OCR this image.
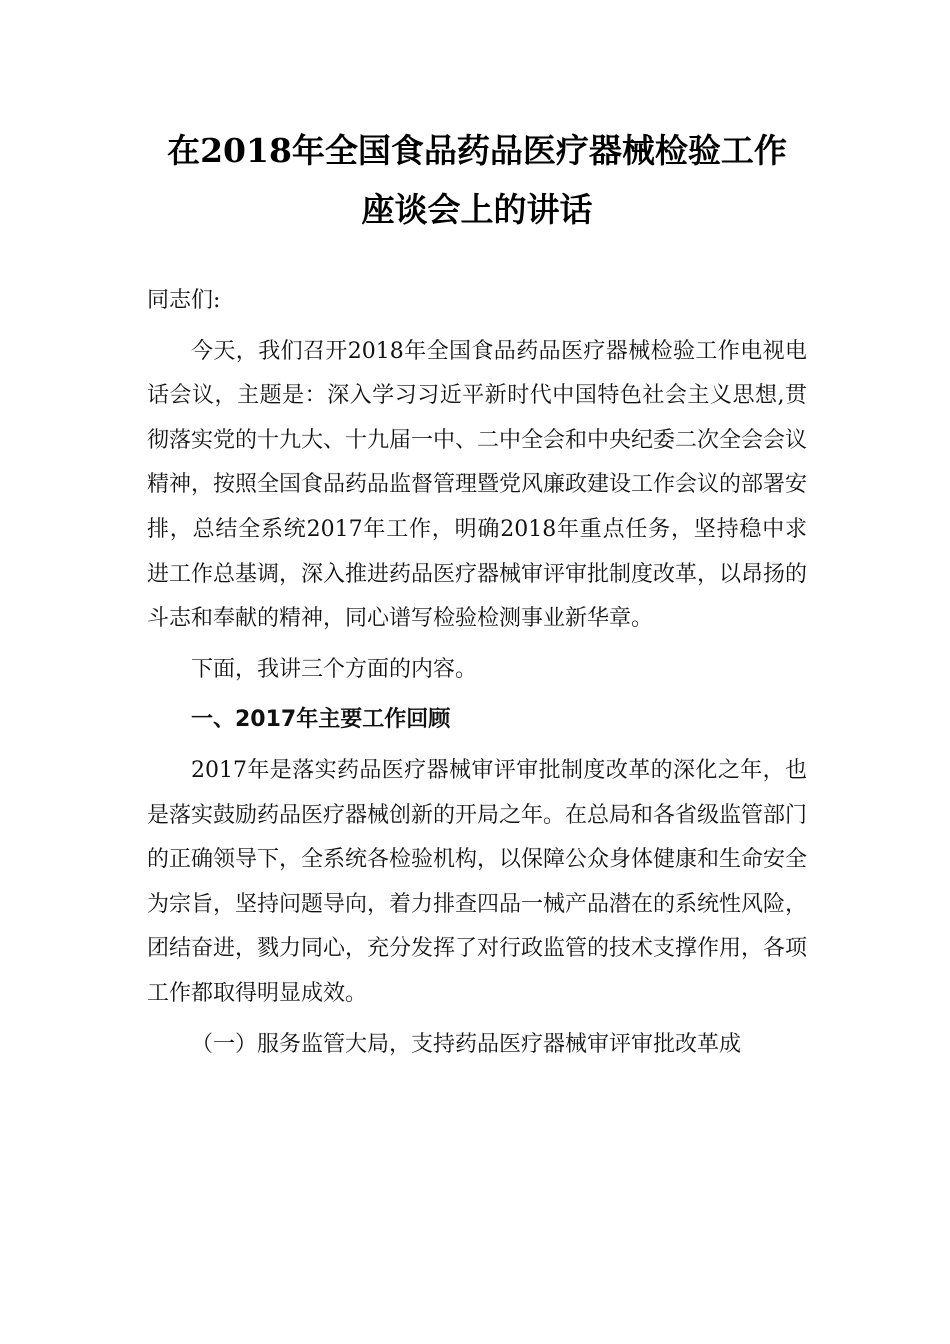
在2018年全国食品药品医疗器械检验工作
座谈会上的讲话

同志们:

今天，我们召开2018年全国食品药品医疗器械检验工作电视电话会议，主题是：深入学习习近平新时代中国特色社会主义思想,贯彻落实党的十九大、十九届一中、二中全会和中央纪委二次全会会议精神，按照全国食品药品监督管理暨党风廉政建设工作会议的部署安排，总结全系统2017年工作，明确2018年重点任务，坚持稳中求进工作总基调，深入推进药品医疗器械审评审批制度改革，以昂扬的斗志和奉献的精神，同心谱写检验检测事业新华章。

下面，我讲三个方面的内容。

一、2017年主要工作回顾

2017年是落实药品医疗器械审评审批制度改革的深化之年，也是落实鼓励药品医疗器械创新的开局之年。在总局和各省级监管部门的正确领导下，全系统各检验机构，以保障公众身体健康和生命安全为宗旨，坚持问题导向，着力排查四品一械产品潜在的系统性风险，团结奋进，戮力同心，充分发挥了对行政监管的技术支撑作用，各项工作都取得明显成效。

（一）服务监管大局，支持药品医疗器械审评审批改革成
